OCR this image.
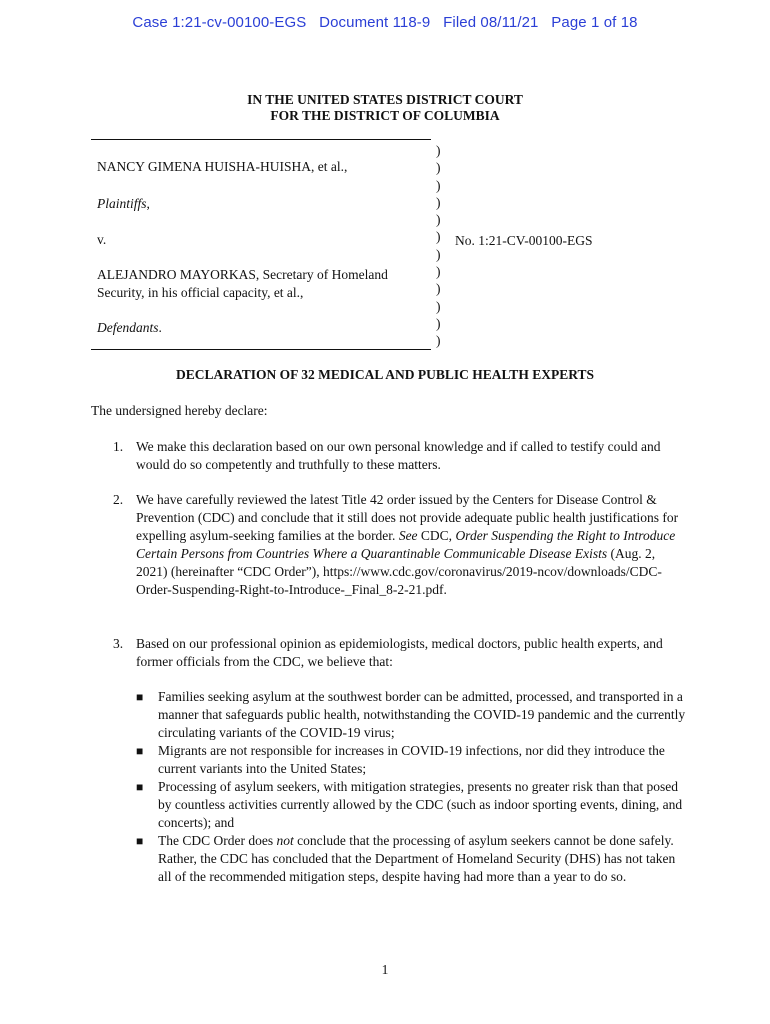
Case 1:21-cv-00100-EGS   Document 118-9   Filed 08/11/21   Page 1 of 18
IN THE UNITED STATES DISTRICT COURT
FOR THE DISTRICT OF COLUMBIA
NANCY GIMENA HUISHA-HUISHA, et al.,
Plaintiffs,
v.
ALEJANDRO MAYORKAS, Secretary of Homeland
Security, in his official capacity, et al.,
Defendants.
)
)
)
)
)
)
)
)
)
)
)
)
No. 1:21-CV-00100-EGS
DECLARATION OF 32 MEDICAL AND PUBLIC HEALTH EXPERTS
The undersigned hereby declare:
1. We make this declaration based on our own personal knowledge and if called to testify could and would do so competently and truthfully to these matters.
2. We have carefully reviewed the latest Title 42 order issued by the Centers for Disease Control & Prevention (CDC) and conclude that it still does not provide adequate public health justifications for expelling asylum-seeking families at the border. See CDC, Order Suspending the Right to Introduce Certain Persons from Countries Where a Quarantinable Communicable Disease Exists (Aug. 2, 2021) (hereinafter “CDC Order”), https://www.cdc.gov/coronavirus/2019-ncov/downloads/CDC-Order-Suspending-Right-to-Introduce-_Final_8-2-21.pdf.
3. Based on our professional opinion as epidemiologists, medical doctors, public health experts, and former officials from the CDC, we believe that:
■ Families seeking asylum at the southwest border can be admitted, processed, and transported in a manner that safeguards public health, notwithstanding the COVID-19 pandemic and the currently circulating variants of the COVID-19 virus;
■ Migrants are not responsible for increases in COVID-19 infections, nor did they introduce the current variants into the United States;
■ Processing of asylum seekers, with mitigation strategies, presents no greater risk than that posed by countless activities currently allowed by the CDC (such as indoor sporting events, dining, and concerts); and
■ The CDC Order does not conclude that the processing of asylum seekers cannot be done safely. Rather, the CDC has concluded that the Department of Homeland Security (DHS) has not taken all of the recommended mitigation steps, despite having had more than a year to do so.
1
